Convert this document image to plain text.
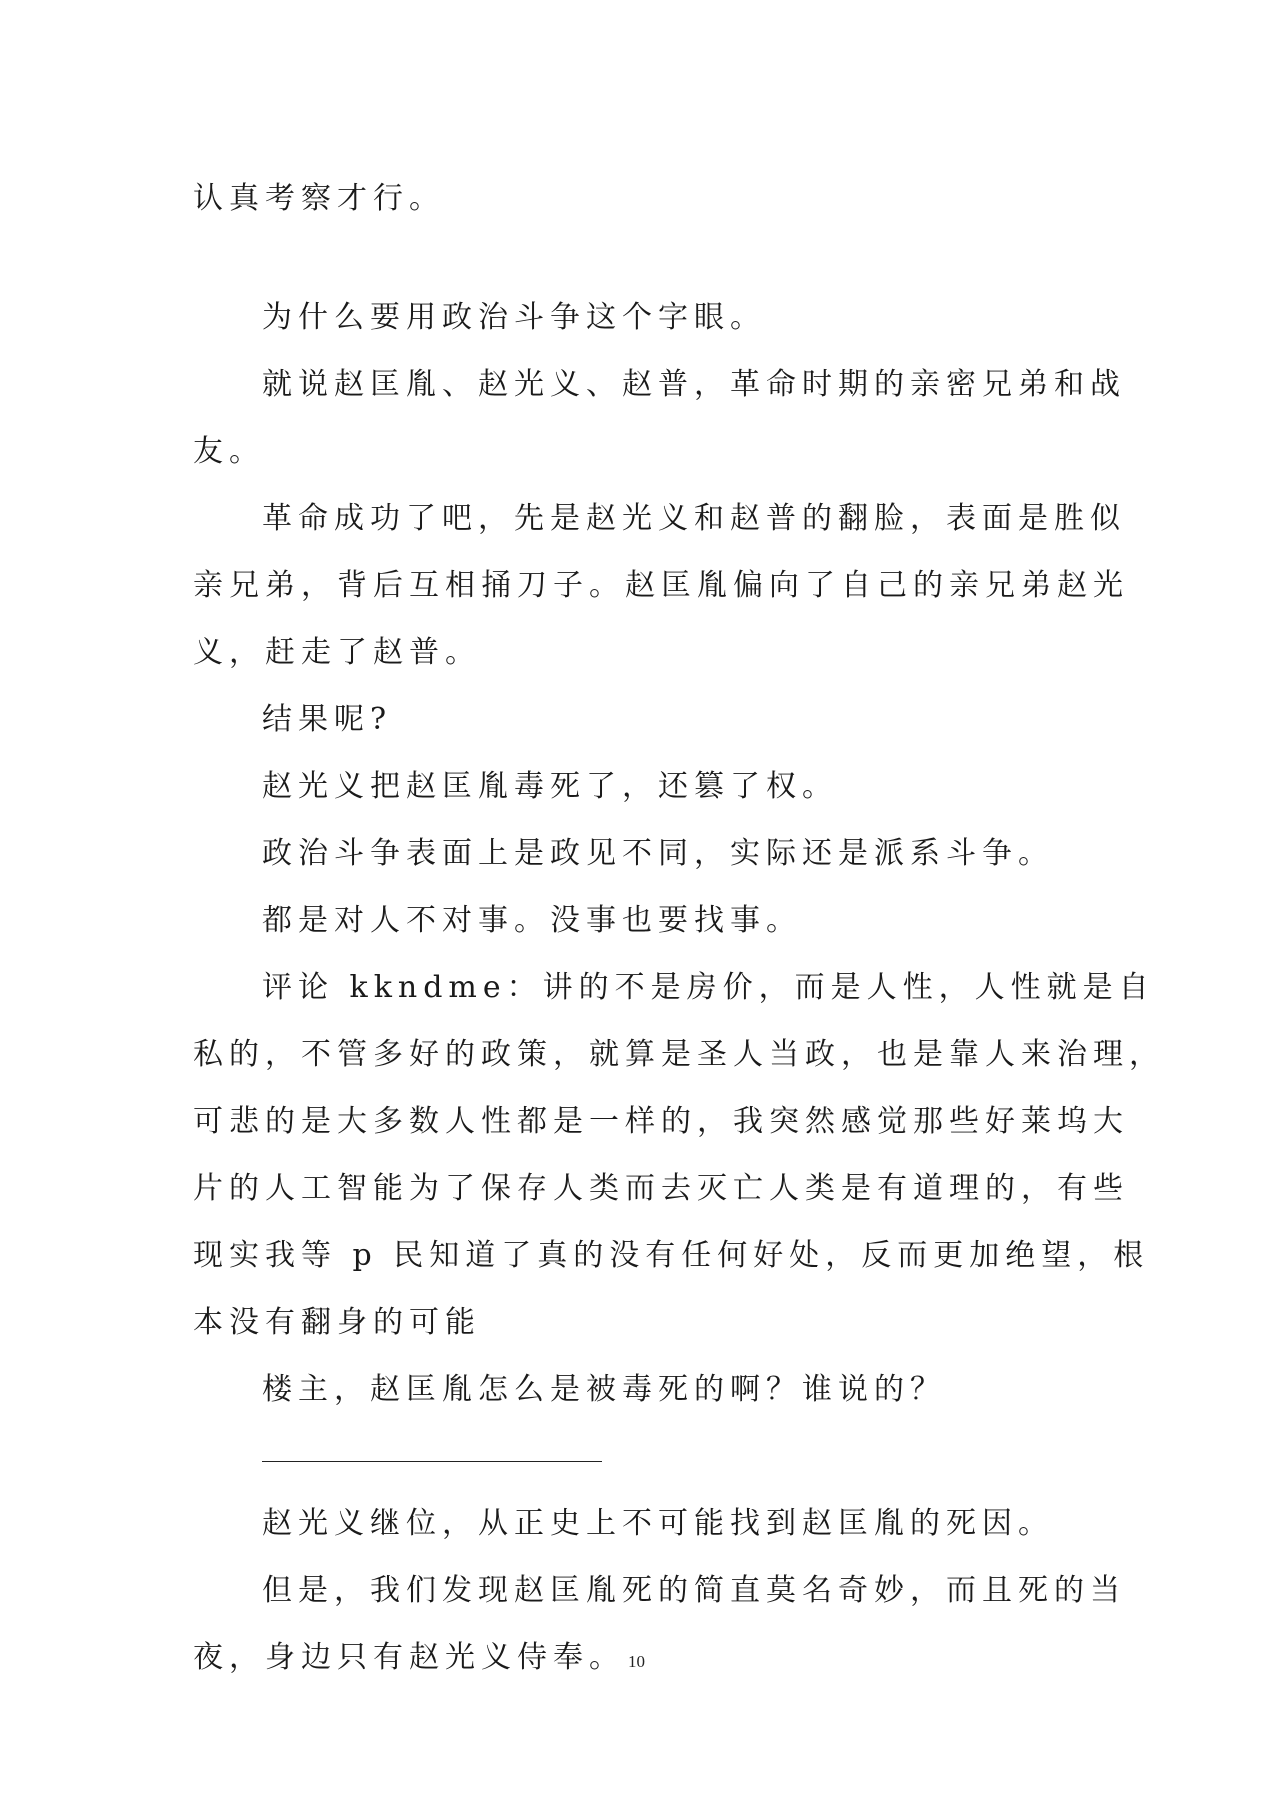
认真考察才行。
为什么要用政治斗争这个字眼。
就说赵匡胤、赵光义、赵普，革命时期的亲密兄弟和战
友。
革命成功了吧，先是赵光义和赵普的翻脸，表面是胜似
亲兄弟，背后互相捅刀子。赵匡胤偏向了自己的亲兄弟赵光
义，赶走了赵普。
结果呢?
赵光义把赵匡胤毒死了，还篡了权。
政治斗争表面上是政见不同，实际还是派系斗争。
都是对人不对事。没事也要找事。
评论 kkndme：讲的不是房价，而是人性，人性就是自
私的，不管多好的政策，就算是圣人当政，也是靠人来治理，
可悲的是大多数人性都是一样的，我突然感觉那些好莱坞大
片的人工智能为了保存人类而去灭亡人类是有道理的，有些
现实我等 p 民知道了真的没有任何好处，反而更加绝望，根
本没有翻身的可能
楼主，赵匡胤怎么是被毒死的啊？谁说的？
赵光义继位，从正史上不可能找到赵匡胤的死因。
但是，我们发现赵匡胤死的简直莫名奇妙，而且死的当
夜，身边只有赵光义侍奉。 10
